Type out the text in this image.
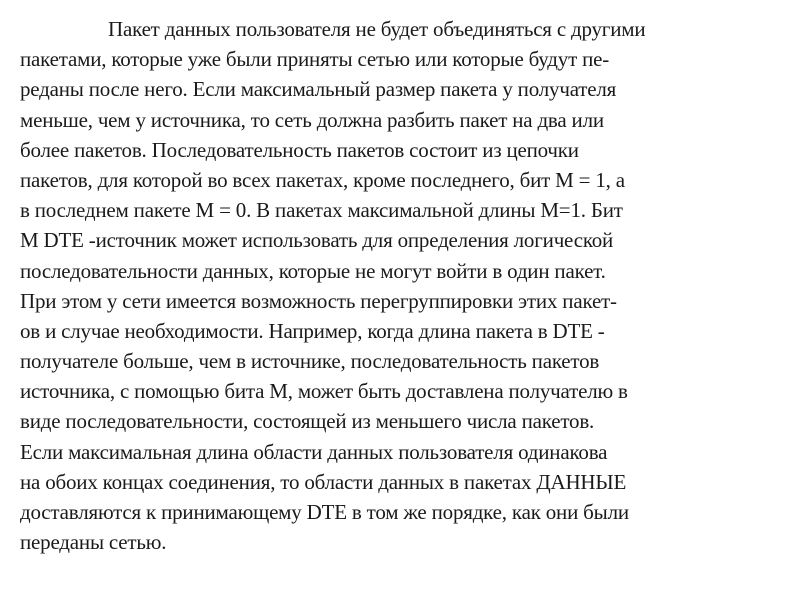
Пакет данных пользователя не будет объединяться с другими
пакетами, которые уже были приняты сетью или которые будут пе-
реданы после него. Если максимальный размер пакета у получателя
меньше, чем у источника, то сеть должна разбить пакет на два или
более пакетов. Последовательность пакетов состоит из цепочки
пакетов, для которой во всех пакетах, кроме последнего, бит М = 1, а
в последнем пакете М = 0. В пакетах максимальной длины М=1. Бит
М DTE -источник может использовать для определения логической
последовательности данных, которые не могут войти в один пакет.
При этом у сети имеется возможность перегруппировки этих пакет-
ов и случае необходимости. Например, когда длина пакета в DTE -
получателе больше, чем в источнике, последовательность пакетов
источника, с помощью бита М, может быть доставлена получателю в
виде последовательности, состоящей из меньшего числа пакетов.
Если максимальная длина области данных пользователя одинакова
на обоих концах соединения, то области данных в пакетах ДАННЫЕ
доставляются к принимающему DTE в том же порядке, как они были
переданы сетью.
